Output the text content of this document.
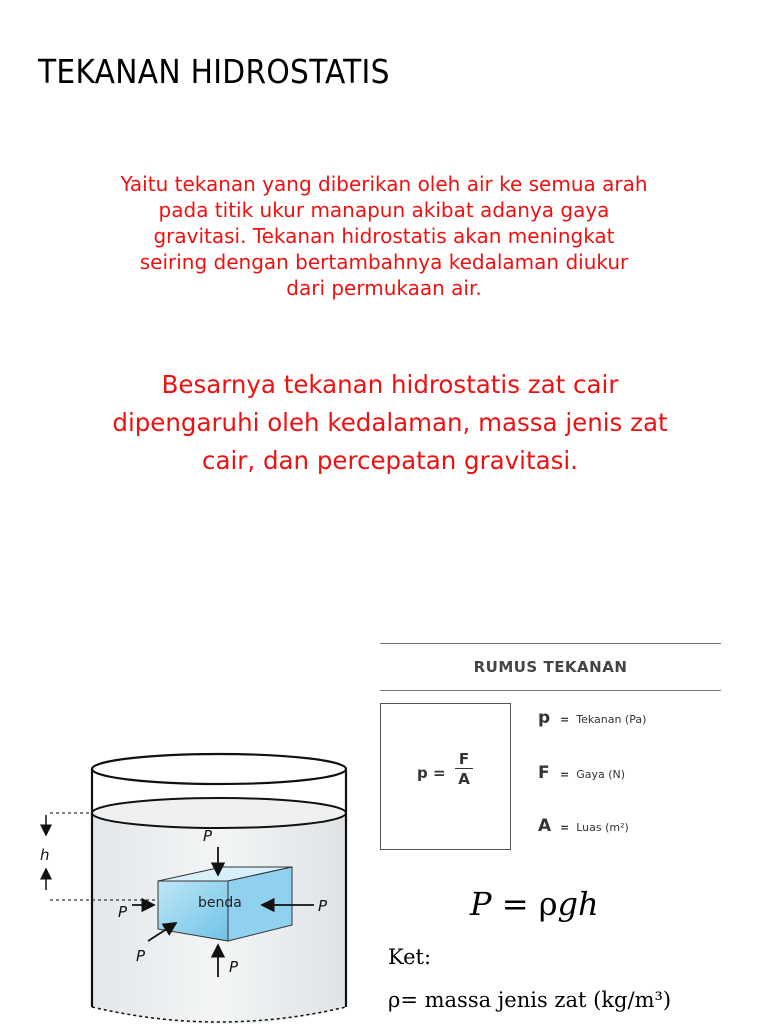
TEKANAN HIDROSTATIS
Yaitu tekanan yang diberikan oleh air ke semua arah pada titik ukur manapun akibat adanya gaya gravitasi. Tekanan hidrostatis akan meningkat seiring dengan bertambahnya kedalaman diukur dari permukaan air.
Besarnya tekanan hidrostatis zat cair dipengaruhi oleh kedalaman, massa jenis zat cair, dan percepatan gravitasi.
h
benda
P
P
P	P
P
RUMUS TEKANAN
$p = \frac{F}{A}$
p = Tekanan (Pa)
F = Gaya (N)
A = Luas (m²)
P = ρgh
Ket:
ρ= massa jenis zat (kg/m³)
